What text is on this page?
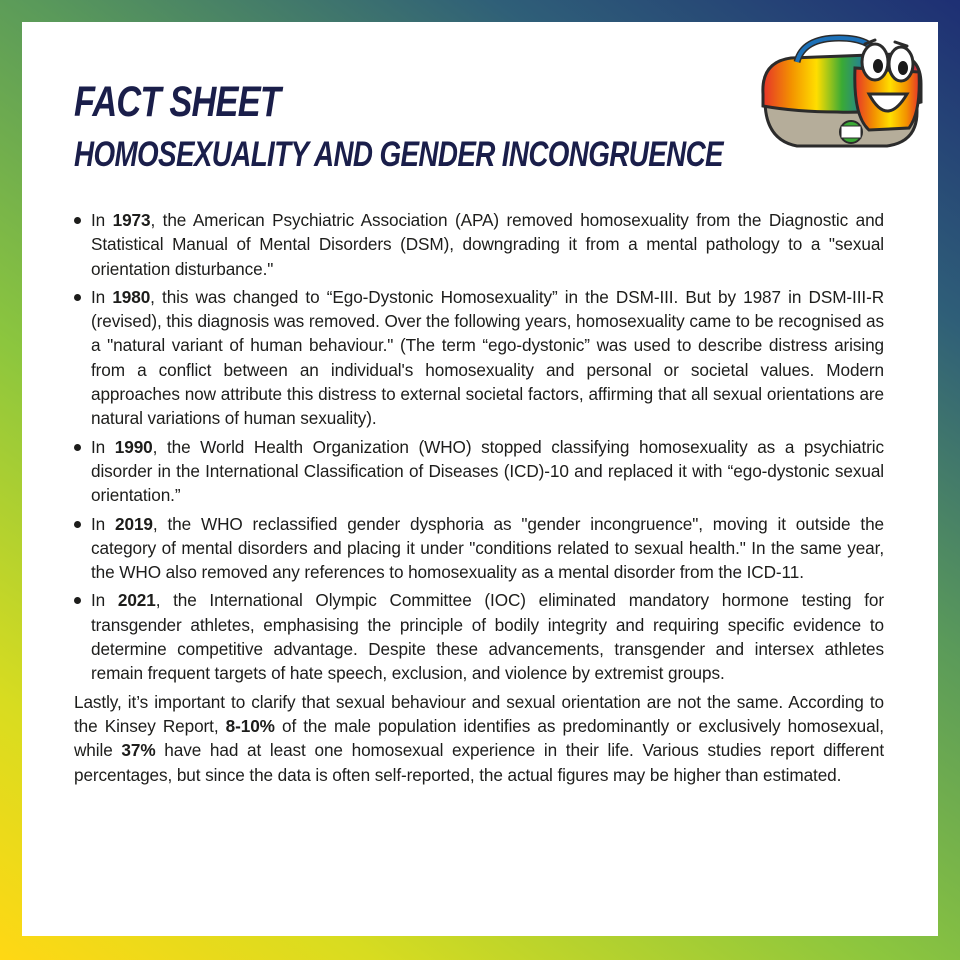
FACT SHEET
HOMOSEXUALITY AND GENDER INCONGRUENCE
In 1973, the American Psychiatric Association (APA) removed homosexuality from the Diagnostic and Statistical Manual of Mental Disorders (DSM), downgrading it from a mental pathology to a "sexual orientation disturbance."
In 1980, this was changed to “Ego-Dystonic Homosexuality” in the DSM-III. But by 1987 in DSM-III-R (revised), this diagnosis was removed. Over the following years, homosexuality came to be recognised as a "natural variant of human behaviour." (The term “ego-dystonic” was used to describe distress arising from a conflict between an individual's homosexuality and personal or societal values. Modern approaches now attribute this distress to external societal factors, affirming that all sexual orientations are natural variations of human sexuality).
In 1990, the World Health Organization (WHO) stopped classifying homosexuality as a psychiatric disorder in the International Classification of Diseases (ICD)-10 and replaced it with “ego-dystonic sexual orientation.”
In 2019, the WHO reclassified gender dysphoria as "gender incongruence", moving it outside the category of mental disorders and placing it under "conditions related to sexual health." In the same year, the WHO also removed any references to homosexuality as a mental disorder from the ICD-11.
In 2021, the International Olympic Committee (IOC) eliminated mandatory hormone testing for transgender athletes, emphasising the principle of bodily integrity and requiring specific evidence to determine competitive advantage. Despite these advancements, transgender and intersex athletes remain frequent targets of hate speech, exclusion, and violence by extremist groups.

Lastly, it’s important to clarify that sexual behaviour and sexual orientation are not the same. According to the Kinsey Report, 8-10% of the male population identifies as predominantly or exclusively homosexual, while 37% have had at least one homosexual experience in their life. Various studies report different percentages, but since the data is often self-reported, the actual figures may be higher than estimated.
